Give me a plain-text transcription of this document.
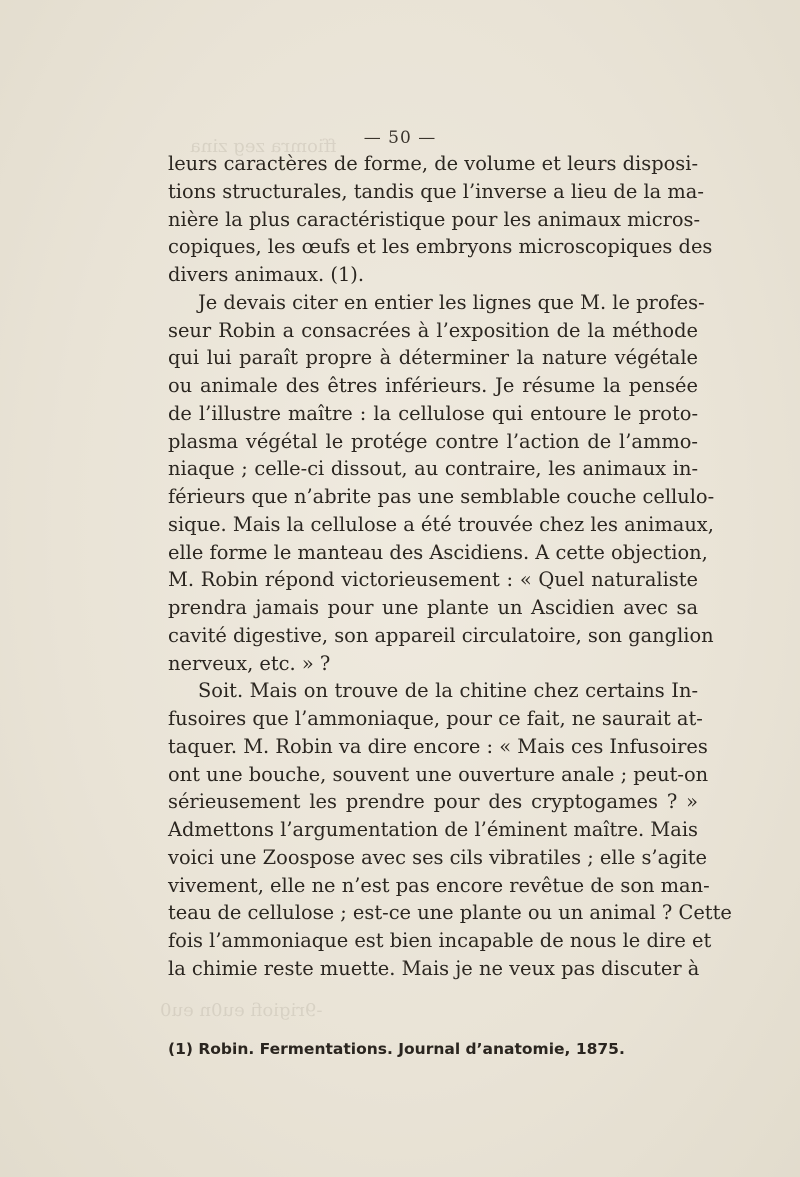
ffiomra zeg zina
-9rigiofi eu0n eu0
— 50 —
leurs caractères de forme, de volume et leurs disposi-
tions structurales, tandis que l’inverse a lieu de la ma-
nière la plus caractéristique pour les animaux micros-
copiques, les œufs et les embryons microscopiques des
divers animaux. (1).
Je devais citer en entier les lignes que M. le profes-
seur Robin a consacrées à l’exposition de la méthode
qui lui paraît propre à déterminer la nature végétale
ou animale des êtres inférieurs. Je résume la pensée
de l’illustre maître : la cellulose qui entoure le proto-
plasma végétal le protége contre l’action de l’ammo-
niaque ; celle-ci dissout, au contraire, les animaux in-
férieurs que n’abrite pas une semblable couche cellulo-
sique. Mais la cellulose a été trouvée chez les animaux,
elle forme le manteau des Ascidiens. A cette objection,
M. Robin répond victorieusement : « Quel naturaliste
prendra jamais pour une plante un Ascidien avec sa
cavité digestive, son appareil circulatoire, son ganglion
nerveux, etc. » ?
Soit. Mais on trouve de la chitine chez certains In-
fusoires que l’ammoniaque, pour ce fait, ne saurait at-
taquer. M. Robin va dire encore : « Mais ces Infusoires
ont une bouche, souvent une ouverture anale ; peut-on
sérieusement les prendre pour des cryptogames ? »
Admettons l’argumentation de l’éminent maître. Mais
voici une Zoospose avec ses cils vibratiles ; elle s’agite
vivement, elle ne n’est pas encore revêtue de son man-
teau de cellulose ; est-ce une plante ou un animal ? Cette
fois l’ammoniaque est bien incapable de nous le dire et
la chimie reste muette. Mais je ne veux pas discuter à
(1) Robin. Fermentations. Journal d’anatomie, 1875.
